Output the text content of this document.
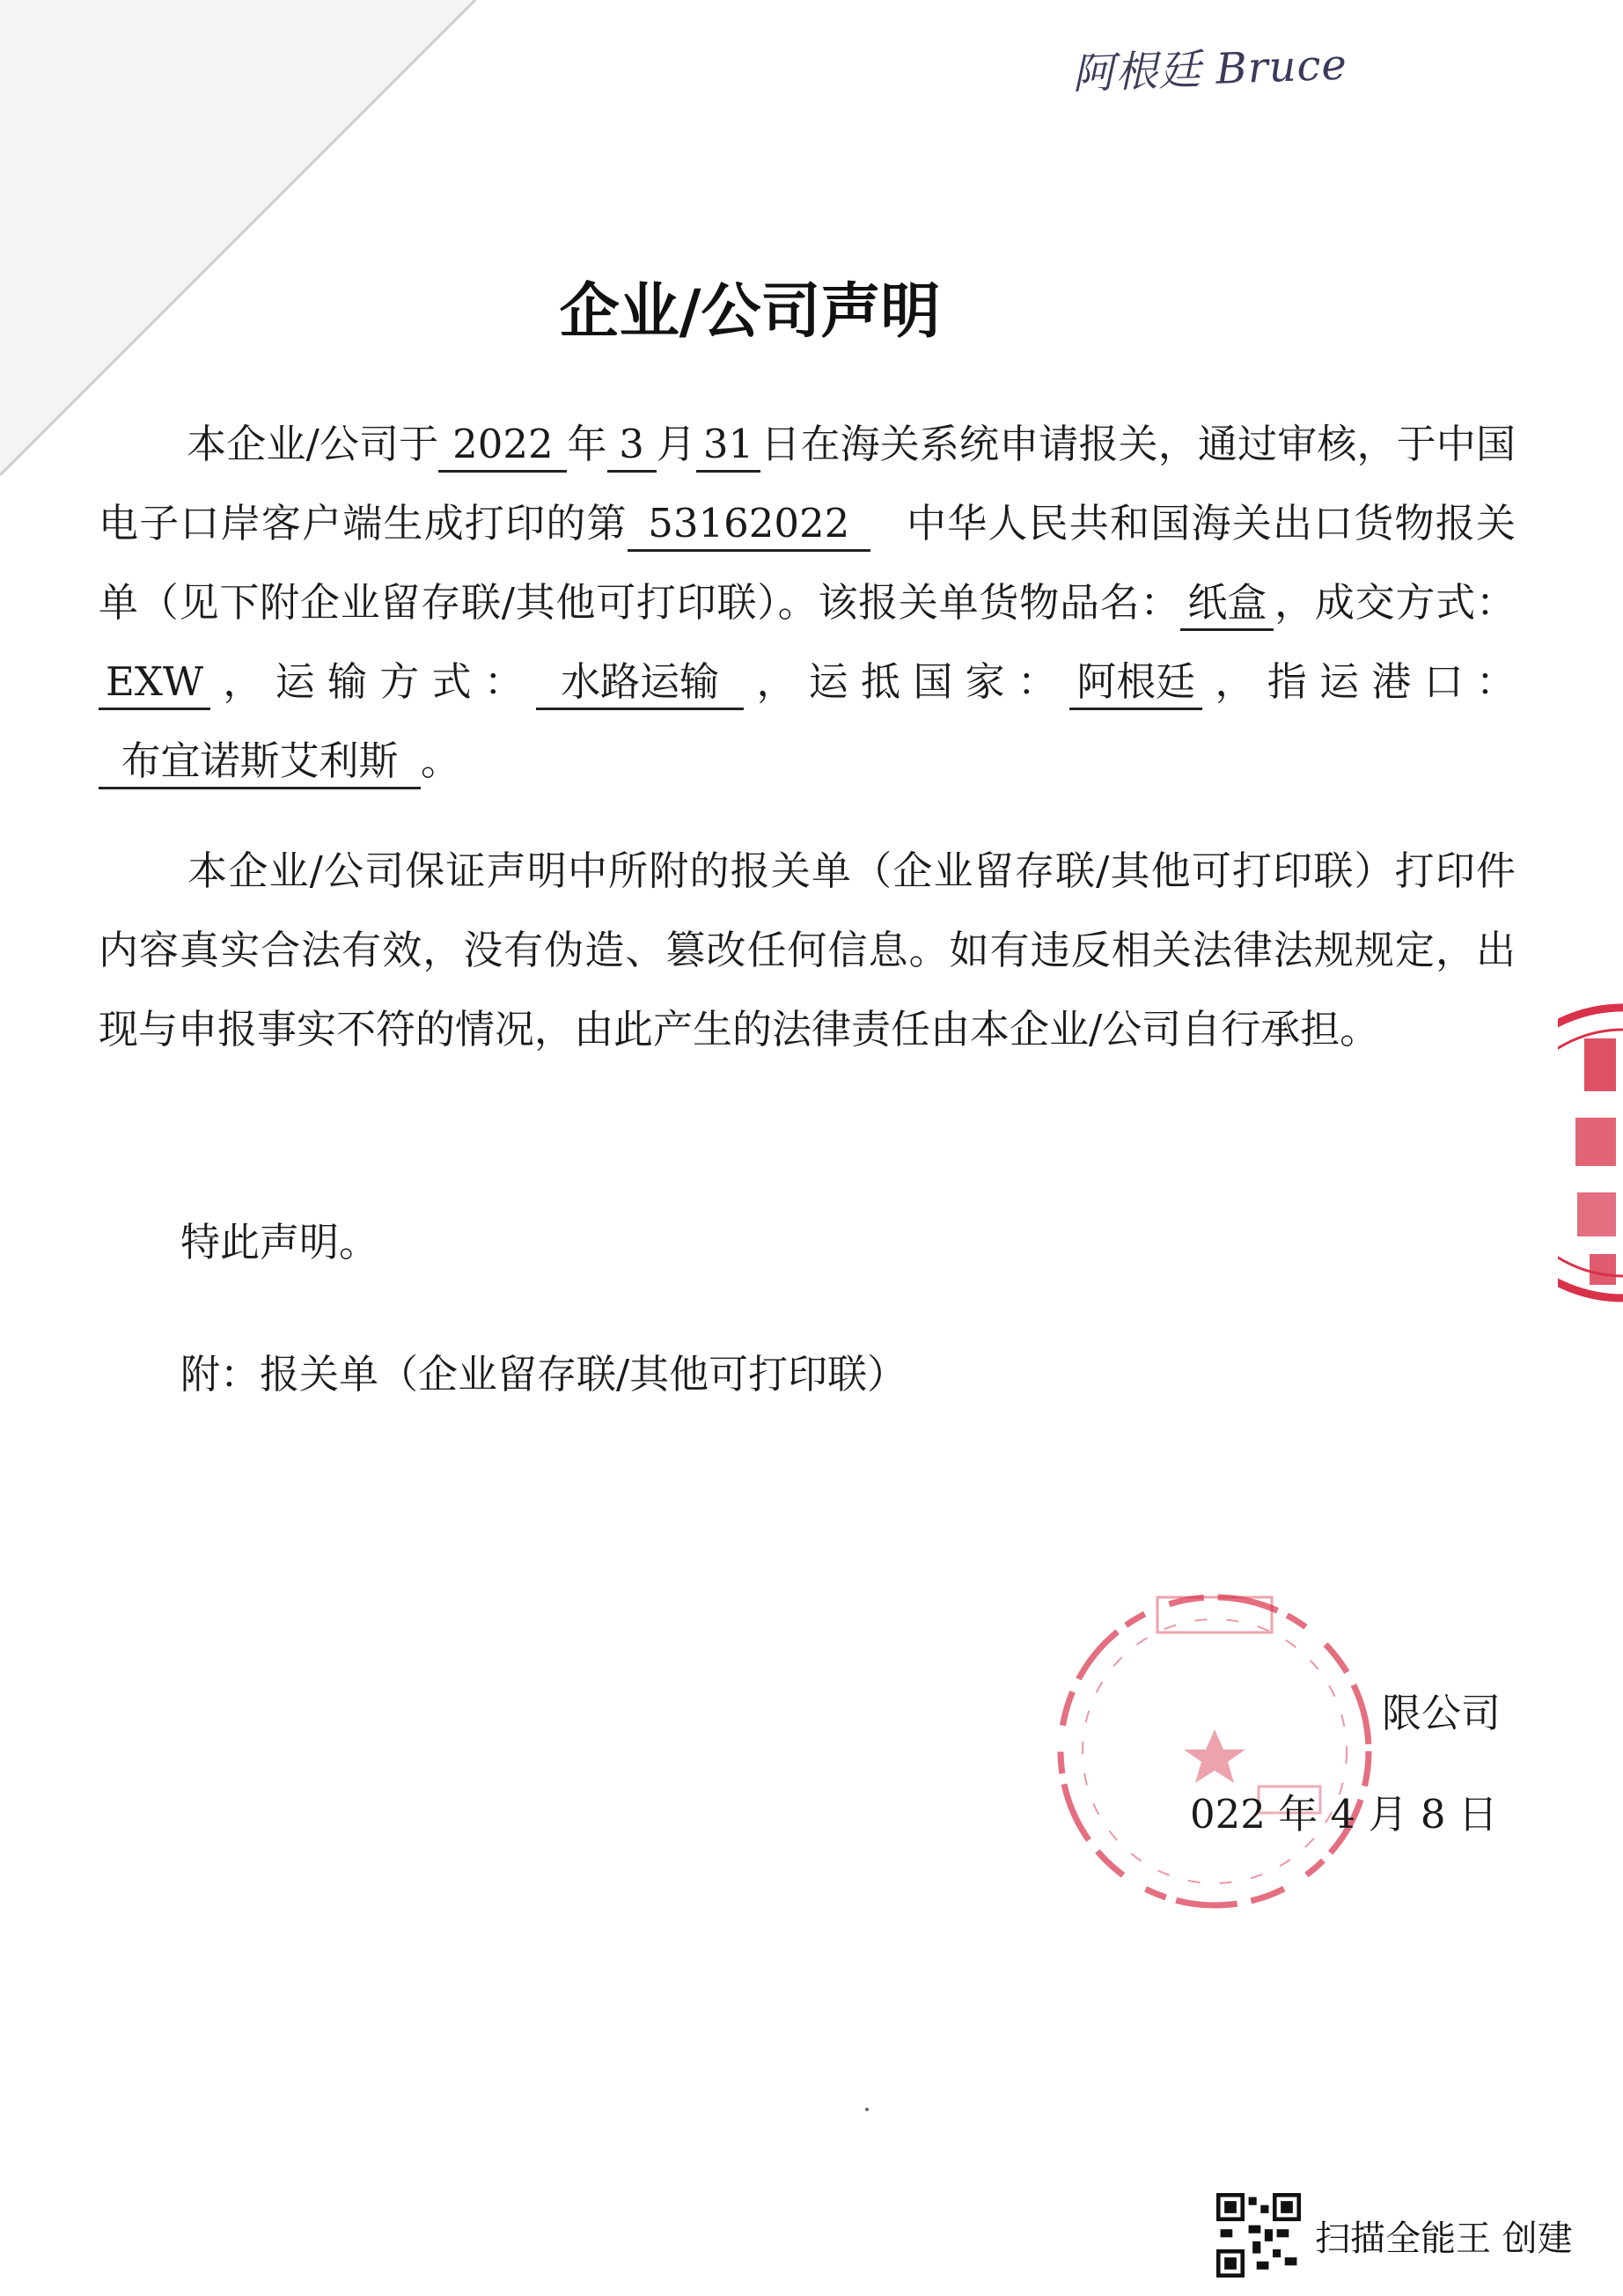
阿根廷 Bruce
企业/公司声明
本企业/公司于 2022 年 3 月 31 日在海关系统申请报关，通过审核，于中国电子口岸客户端生成打印的第 53162022 中华人民共和国海关出口货物报关单（见下附企业留存联/其他可打印联）。该报关单货物品名： 纸盒 ，成交方式：EXW ，运输方式： 水路运输 ，运抵国家： 阿根廷 ，指运港口：布宜诺斯艾利斯 。
本企业/公司保证声明中所附的报关单（企业留存联/其他可打印联）打印件内容真实合法有效，没有伪造、篡改任何信息。如有违反相关法律法规规定，出现与申报事实不符的情况，由此产生的法律责任由本企业/公司自行承担。
特此声明。
附：报关单（企业留存联/其他可打印联）
限公司
022 年 4 月 8 日
扫描全能王 创建
